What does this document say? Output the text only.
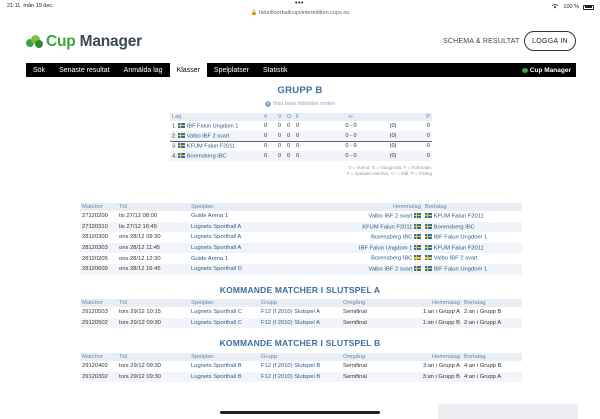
21:11 mån 19 dec.	•••	100 %
🔒 falunfloorballcupvinteredition.cups.nu
Cup Manager	SCHEMA & RESULTAT	LOGGA IN
Sök	Senaste resultat	Anmälda lag	Klasser	Spelplatser	Statistik	Cup Manager
GRUPP B
? Visa bara inbördes möten
Lag	#	V	O	F	+/-		P
1. IBF Falun Ungdom 1	0	0	0	0	0 - 0	(0)	0
2. Valbo IBF 2 svart	0	0	0	0	0 - 0	(0)	0
3. KFUM Falun F2011	0	0	0	0	0 - 0	(0)	0
4. Borensberg IBC	0	0	0	0	0 - 0	(0)	0
V = Vunna, O = Oavgjorda, F = Förlorade,
# = Spelade matcher, +/- = Mål, P = Poäng
Matchnr	Tid	Spelplan	Hemmalag	Bortalag
27120200	tis 27/12 08:00	Guide Arena 1	Valbo IBF 2 svart	KFUM Falun F2011
27120310	tis 27/12 16:45	Lugnets Sporthall A	KFUM Falun F2011	Borensberg IBC
28120300	ons 28/12 09:30	Lugnets Sporthall A	Borensberg IBC	IBF Falun Ungdom 1
28120303	ons 28/12 11:45	Lugnets Sporthall A	IBF Falun Ungdom 1	KFUM Falun F2011
28120205	ons 28/12 12:30	Guide Arena 1	Borensberg IBC	Valbo IBF 2 svart
28120609	ons 28/12 16:45	Lugnets Sporthall D	Valbo IBF 2 svart	IBF Falun Ungdom 1
KOMMANDE MATCHER I SLUTSPEL A
Matchnr	Tid	Spelplan	Grupp	Omgång	Hemmalag	Bortalag
29120503	tors 29/12 10:15	Lugnets Sporthall C	F12 (f 2010) Slutspel A	Semifinal	1:an i Grupp A	2:an i Grupp B
29120502	tors 29/12 09:30	Lugnets Sporthall C	F12 (f 2010) Slutspel A	Semifinal	1:an i Grupp B	2:an i Grupp A
KOMMANDE MATCHER I SLUTSPEL B
Matchnr	Tid	Spelplan	Grupp	Omgång	Hemmalag	Bortalag
29120402	tors 29/12 09:30	Lugnets Sporthall B	F12 (f 2010) Slutspel B	Semifinal	3:an i Grupp A	4:an i Grupp B
29120302	tors 29/12 09:30	Lugnets Sporthall B	F12 (f 2010) Slutspel B	Semifinal	3:an i Grupp B	4:an i Grupp A
